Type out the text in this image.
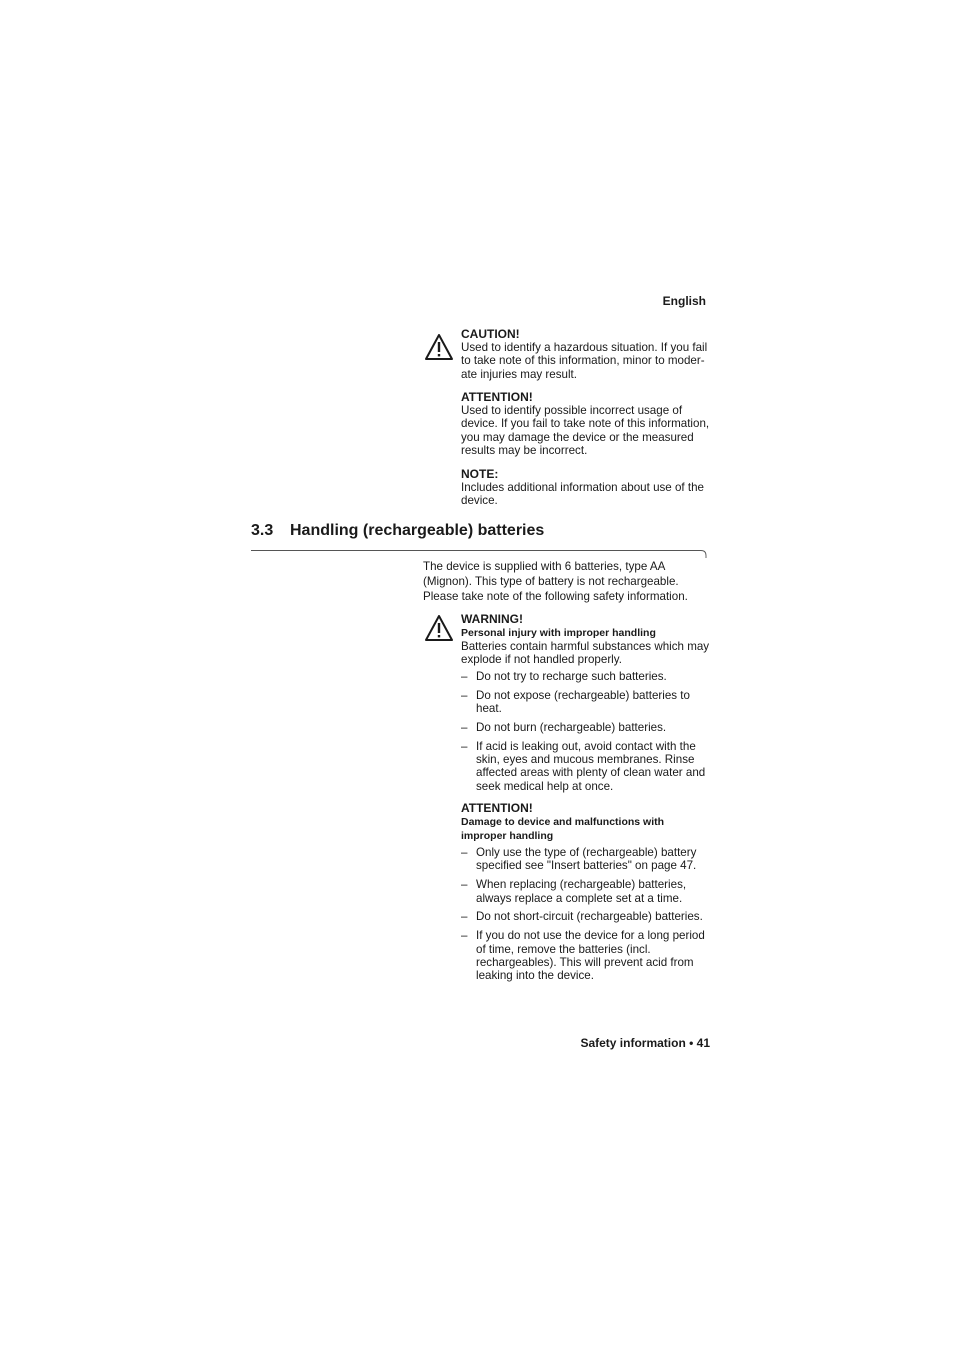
English

CAUTION!

Used to identify a hazardous situation. If you fail to take note of this information, minor to moder-ate injuries may result.

ATTENTION!

Used to identify possible incorrect usage of device. If you fail to take note of this information, you may damage the device or the measured results may be incorrect.

NOTE:

Includes additional information about use of the device.

3.3 Handling (rechargeable) batteries

The device is supplied with 6 batteries, type AA (Mignon). This type of battery is not rechargeable. Please take note of the following safety information.

WARNING!

Personal injury with improper handling

Batteries contain harmful substances which may explode if not handled properly.

– Do not try to recharge such batteries.
– Do not expose (rechargeable) batteries to heat.
– Do not burn (rechargeable) batteries.
– If acid is leaking out, avoid contact with the skin, eyes and mucous membranes. Rinse affected areas with plenty of clean water and seek medical help at once.

ATTENTION!

Damage to device and malfunctions with improper handling

– Only use the type of (rechargeable) battery specified see "Insert batteries" on page 47.
– When replacing (rechargeable) batteries, always replace a complete set at a time.
– Do not short-circuit (rechargeable) batteries.
– If you do not use the device for a long period of time, remove the batteries (incl. rechargeables). This will prevent acid from leaking into the device.
Safety information • 41
